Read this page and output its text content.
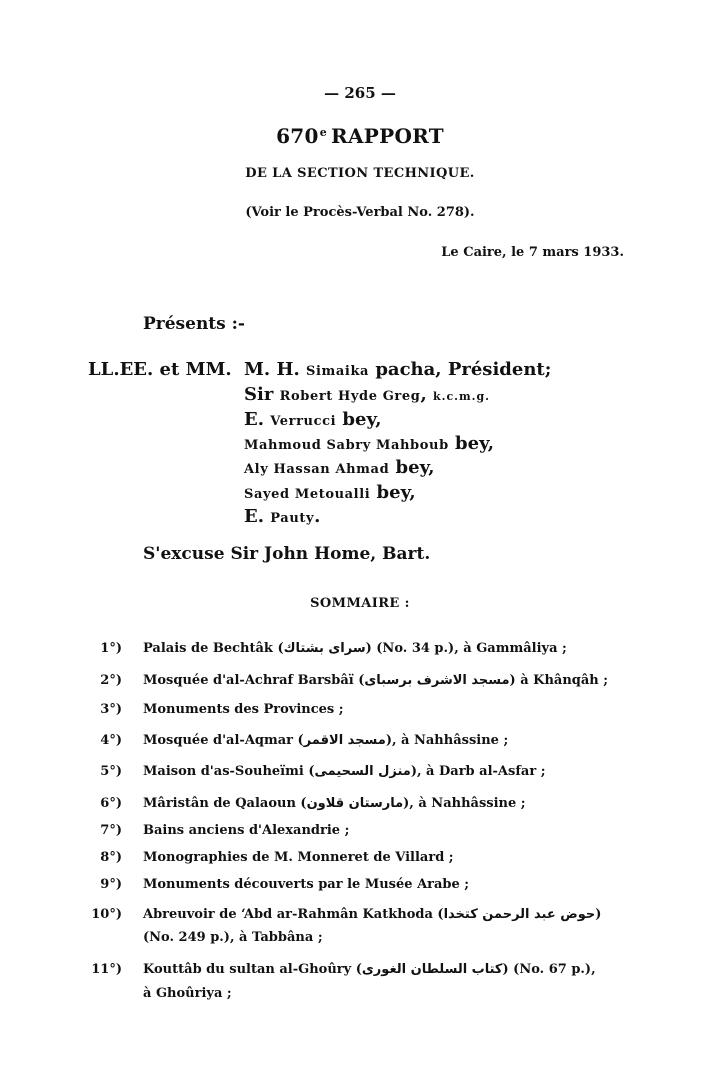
— 265 —
670e RAPPORT
DE LA SECTION TECHNIQUE.
(Voir le Procès-Verbal No. 278).
Le Caire, le 7 mars 1933.
Présents :-
LL.EE. et MM. M. H. Simaika pacha, Président;
Sir Robert Hyde Greg, k.c.m.g.
E. Verrucci bey,
Mahmoud Sabry Mahboub bey,
Aly Hassan Ahmad bey,
Sayed Metoualli bey,
E. Pauty.
S'excuse Sir John Home, Bart.
SOMMAIRE :
1°) Palais de Bechtâk (سراى بشتاك) (No. 34 p.), à Gammâliya ;
2°) Mosquée d'al-Achraf Barsbâï (مسجد الاشرف برسباى) à Khânqâh ;
3°) Monuments des Provinces ;
4°) Mosquée d'al-Aqmar (مسجد الاقمر), à Nahhâssine ;
5°) Maison d'as-Souheïmi (منزل السحيمى), à Darb al-Asfar ;
6°) Mâristân de Qalaoun (مارستان قلاون), à Nahhâssine ;
7°) Bains anciens d'Alexandrie ;
8°) Monographies de M. Monneret de Villard ;
9°) Monuments découverts par le Musée Arabe ;
10°) Abreuvoir de ‘Abd ar-Rahmân Katkhoda (حوض عبد الرحمن كتخدا)
(No. 249 p.), à Tabbâna ;
11°) Kouttâb du sultan al-Ghoûry (كتاب السلطان الغورى) (No. 67 p.),
à Ghoûriya ;
